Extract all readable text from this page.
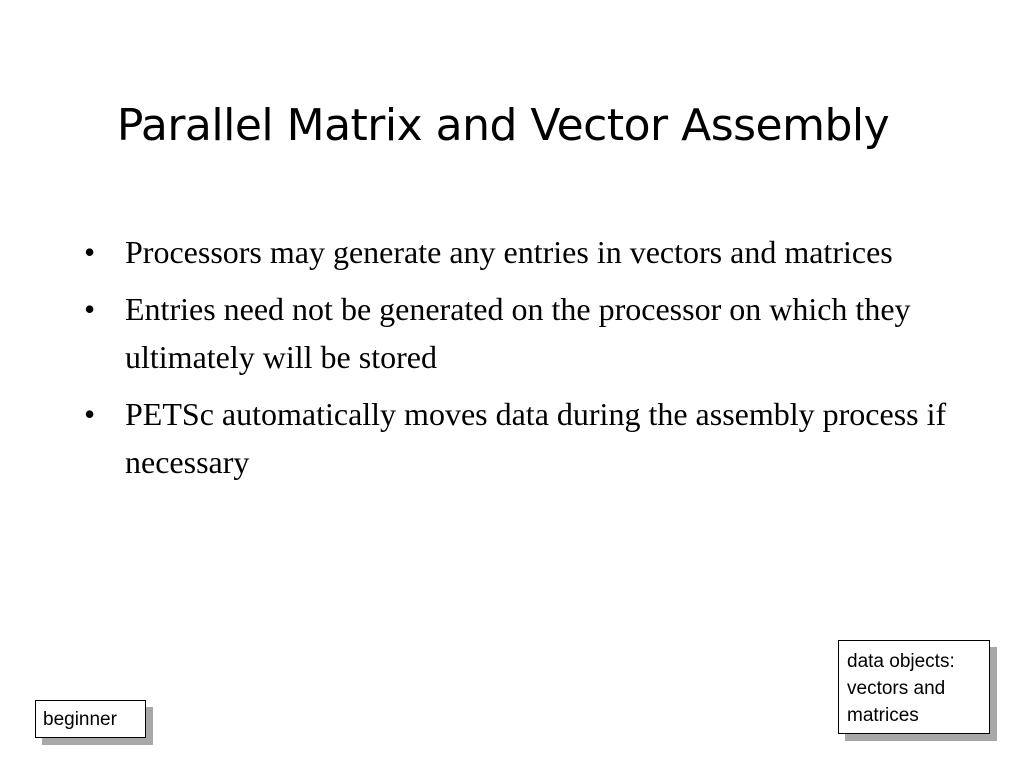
Parallel Matrix and Vector Assembly
• Processors may generate any entries in vectors and matrices
• Entries need not be generated on the processor on which they ultimately will be stored
• PETSc automatically moves data during the assembly process if necessary
beginner
data objects:
vectors and
matrices
